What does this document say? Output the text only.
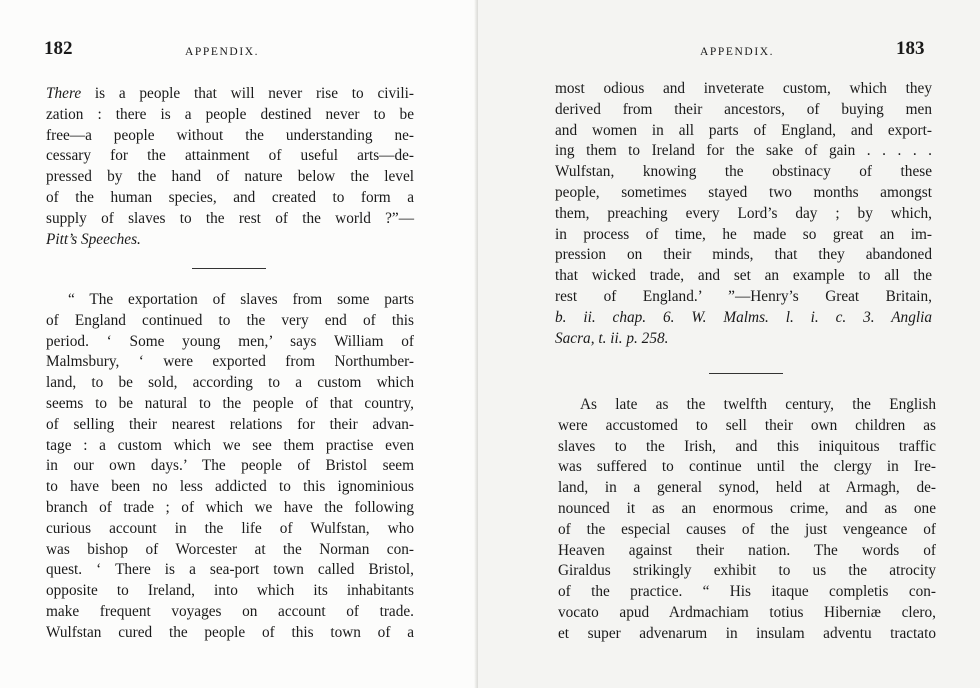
182	APPENDIX.
There is a people that will never rise to civili-
zation : there is a people destined never to be
free—a people without the understanding ne-
cessary for the attainment of useful arts—de-
pressed by the hand of nature below the level
of the human species, and created to form a
supply of slaves to the rest of the world ?”—
Pitt’s Speeches.
“ The exportation of slaves from some parts
of England continued to the very end of this
period. ‘ Some young men,’ says William of
Malmsbury, ‘ were exported from Northumber-
land, to be sold, according to a custom which
seems to be natural to the people of that country,
of selling their nearest relations for their advan-
tage : a custom which we see them practise even
in our own days.’ The people of Bristol seem
to have been no less addicted to this ignominious
branch of trade ; of which we have the following
curious account in the life of Wulfstan, who
was bishop of Worcester at the Norman con-
quest. ‘ There is a sea-port town called Bristol,
opposite to Ireland, into which its inhabitants
make frequent voyages on account of trade.
Wulfstan cured the people of this town of a
APPENDIX.	183
most odious and inveterate custom, which they
derived from their ancestors, of buying men
and women in all parts of England, and export-
ing them to Ireland for the sake of gain . . . . .
Wulfstan, knowing the obstinacy of these
people, sometimes stayed two months amongst
them, preaching every Lord’s day ; by which,
in process of time, he made so great an im-
pression on their minds, that they abandoned
that wicked trade, and set an example to all the
rest of England.’ ”—Henry’s Great Britain,
b. ii. chap. 6. W. Malms. l. i. c. 3. Anglia
Sacra, t. ii. p. 258.
As late as the twelfth century, the English
were accustomed to sell their own children as
slaves to the Irish, and this iniquitous traffic
was suffered to continue until the clergy in Ire-
land, in a general synod, held at Armagh, de-
nounced it as an enormous crime, and as one
of the especial causes of the just vengeance of
Heaven against their nation. The words of
Giraldus strikingly exhibit to us the atrocity
of the practice. “ His itaque completis con-
vocato apud Ardmachiam totius Hiberniæ clero,
et super advenarum in insulam adventu tractato
